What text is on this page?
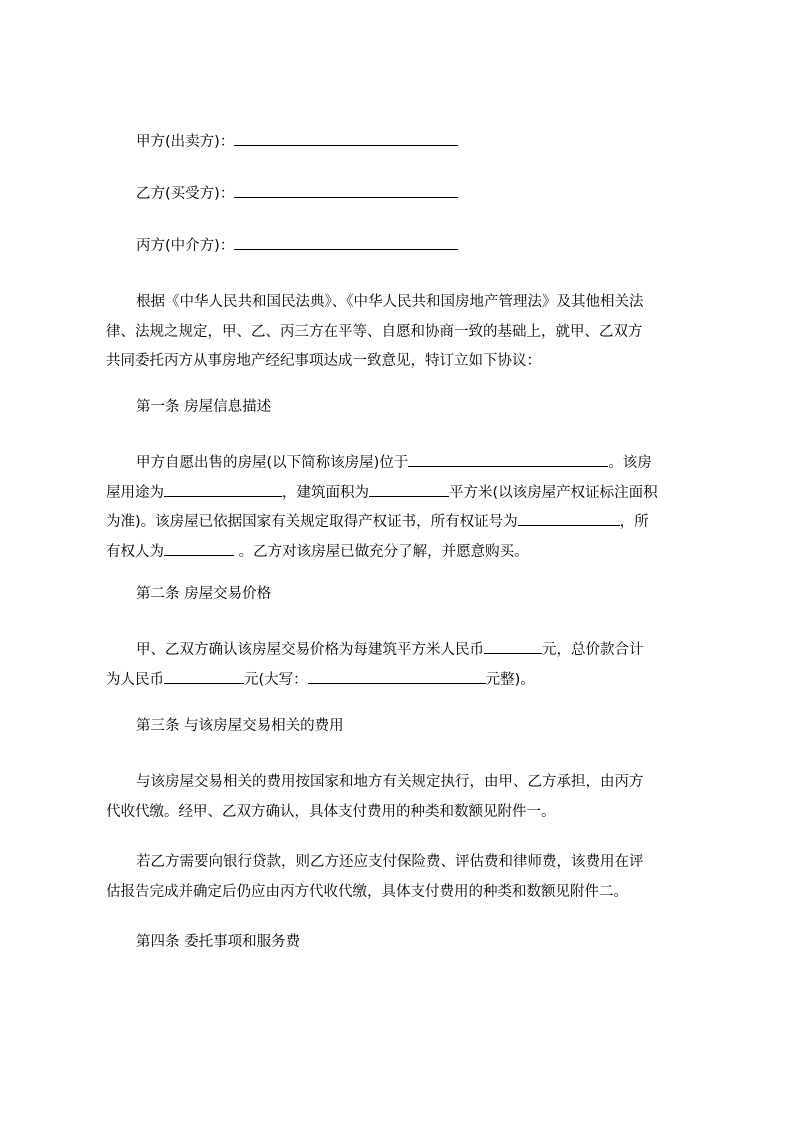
甲方(出卖方)：
乙方(买受方)：
丙方(中介方)：
根据《中华人民共和国民法典》、《中华人民共和国房地产管理法》及其他相关法
律、法规之规定，甲、乙、丙三方在平等、自愿和协商一致的基础上，就甲、乙双方
共同委托丙方从事房地产经纪事项达成一致意见，特订立如下协议：
第一条 房屋信息描述
甲方自愿出售的房屋(以下简称该房屋)位于	。该房
屋用途为	，建筑面积为	平方米(以该房屋产权证标注面积
为准)。该房屋已依据国家有关规定取得产权证书，所有权证号为	，所
有权人为	。乙方对该房屋已做充分了解，并愿意购买。
第二条 房屋交易价格
甲、乙双方确认该房屋交易价格为每建筑平方米人民币	元，总价款合计
为人民币	元(大写：	元整)。
第三条 与该房屋交易相关的费用
与该房屋交易相关的费用按国家和地方有关规定执行，由甲、乙方承担，由丙方
代收代缴。经甲、乙双方确认，具体支付费用的种类和数额见附件一。
若乙方需要向银行贷款，则乙方还应支付保险费、评估费和律师费，该费用在评
估报告完成并确定后仍应由丙方代收代缴，具体支付费用的种类和数额见附件二。
第四条 委托事项和服务费
